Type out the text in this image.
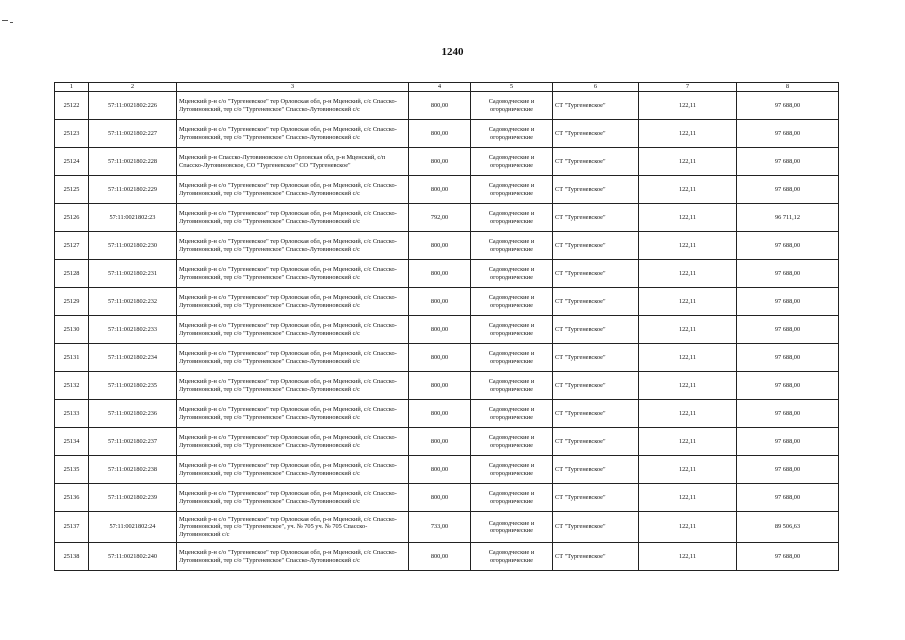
1240
1	2	3	4	5	6	7	8
25122	57:11:0021802:226	Мценский р-н с/о "Тургеневское" тер Орловская обл, р-н Мценский, с/с Спасско-Лутовиновский, тер с/о "Тургеневское" Спасско-Лутовиновский с/с	800,00	Садоводческие и огороднические	СТ "Тургеневское"	122,11	97 688,00
25123	57:11:0021802:227	Мценский р-н с/о "Тургеневское" тер Орловская обл, р-н Мценский, с/с Спасско-Лутовиновский, тер с/о "Тургеневское" Спасско-Лутовиновский с/с	800,00	Садоводческие и огороднические	СТ "Тургеневское"	122,11	97 688,00
25124	57:11:0021802:228	Мценский р-н Спасско-Лутовиновское с/п Орловская обл, р-н Мценский, с/п Спасско-Лутовиновское, СО "Тургеневское" СО "Тургеневское"	800,00	Садоводческие и огороднические	СТ "Тургеневское"	122,11	97 688,00
25125	57:11:0021802:229	Мценский р-н с/о "Тургеневское" тер Орловская обл, р-н Мценский, с/с Спасско-Лутовиновский, тер с/о "Тургеневское" Спасско-Лутовиновский с/с	800,00	Садоводческие и огороднические	СТ "Тургеневское"	122,11	97 688,00
25126	57:11:0021802:23	Мценский р-н с/о "Тургеневское" тер Орловская обл, р-н Мценский, с/с Спасско-Лутовиновский, тер с/о "Тургеневское" Спасско-Лутовиновский с/с	792,00	Садоводческие и огороднические	СТ "Тургеневское"	122,11	96 711,12
25127	57:11:0021802:230	Мценский р-н с/о "Тургеневское" тер Орловская обл, р-н Мценский, с/с Спасско-Лутовиновский, тер с/о "Тургеневское" Спасско-Лутовиновский с/с	800,00	Садоводческие и огороднические	СТ "Тургеневское"	122,11	97 688,00
25128	57:11:0021802:231	Мценский р-н с/о "Тургеневское" тер Орловская обл, р-н Мценский, с/с Спасско-Лутовиновский, тер с/о "Тургеневское" Спасско-Лутовиновский с/с	800,00	Садоводческие и огороднические	СТ "Тургеневское"	122,11	97 688,00
25129	57:11:0021802:232	Мценский р-н с/о "Тургеневское" тер Орловская обл, р-н Мценский, с/с Спасско-Лутовиновский, тер с/о "Тургеневское" Спасско-Лутовиновский с/с	800,00	Садоводческие и огороднические	СТ "Тургеневское"	122,11	97 688,00
25130	57:11:0021802:233	Мценский р-н с/о "Тургеневское" тер Орловская обл, р-н Мценский, с/с Спасско-Лутовиновский, тер с/о "Тургеневское" Спасско-Лутовиновский с/с	800,00	Садоводческие и огороднические	СТ "Тургеневское"	122,11	97 688,00
25131	57:11:0021802:234	Мценский р-н с/о "Тургеневское" тер Орловская обл, р-н Мценский, с/с Спасско-Лутовиновский, тер с/о "Тургеневское" Спасско-Лутовиновский с/с	800,00	Садоводческие и огороднические	СТ "Тургеневское"	122,11	97 688,00
25132	57:11:0021802:235	Мценский р-н с/о "Тургеневское" тер Орловская обл, р-н Мценский, с/с Спасско-Лутовиновский, тер с/о "Тургеневское" Спасско-Лутовиновский с/с	800,00	Садоводческие и огороднические	СТ "Тургеневское"	122,11	97 688,00
25133	57:11:0021802:236	Мценский р-н с/о "Тургеневское" тер Орловская обл, р-н Мценский, с/с Спасско-Лутовиновский, тер с/о "Тургеневское" Спасско-Лутовиновский с/с	800,00	Садоводческие и огороднические	СТ "Тургеневское"	122,11	97 688,00
25134	57:11:0021802:237	Мценский р-н с/о "Тургеневское" тер Орловская обл, р-н Мценский, с/с Спасско-Лутовиновский, тер с/о "Тургеневское" Спасско-Лутовиновский с/с	800,00	Садоводческие и огороднические	СТ "Тургеневское"	122,11	97 688,00
25135	57:11:0021802:238	Мценский р-н с/о "Тургеневское" тер Орловская обл, р-н Мценский, с/с Спасско-Лутовиновский, тер с/о "Тургеневское" Спасско-Лутовиновский с/с	800,00	Садоводческие и огороднические	СТ "Тургеневское"	122,11	97 688,00
25136	57:11:0021802:239	Мценский р-н с/о "Тургеневское" тер Орловская обл, р-н Мценский, с/с Спасско-Лутовиновский, тер с/о "Тургеневское" Спасско-Лутовиновский с/с	800,00	Садоводческие и огороднические	СТ "Тургеневское"	122,11	97 688,00
25137	57:11:0021802:24	Мценский р-н с/о "Тургеневское" тер Орловская обл, р-н Мценский, с/с Спасско-Лутовиновский, тер с/о "Тургеневское", уч. № 705 уч. № 705 Спасско-Лутовиновский с/с	733,00	Садоводческие и огороднические	СТ "Тургеневское"	122,11	89 506,63
25138	57:11:0021802:240	Мценский р-н с/о "Тургеневское" тер Орловская обл, р-н Мценский, с/с Спасско-Лутовиновский, тер с/о "Тургеневское" Спасско-Лутовиновский с/с	800,00	Садоводческие и огороднические	СТ "Тургеневское"	122,11	97 688,00
